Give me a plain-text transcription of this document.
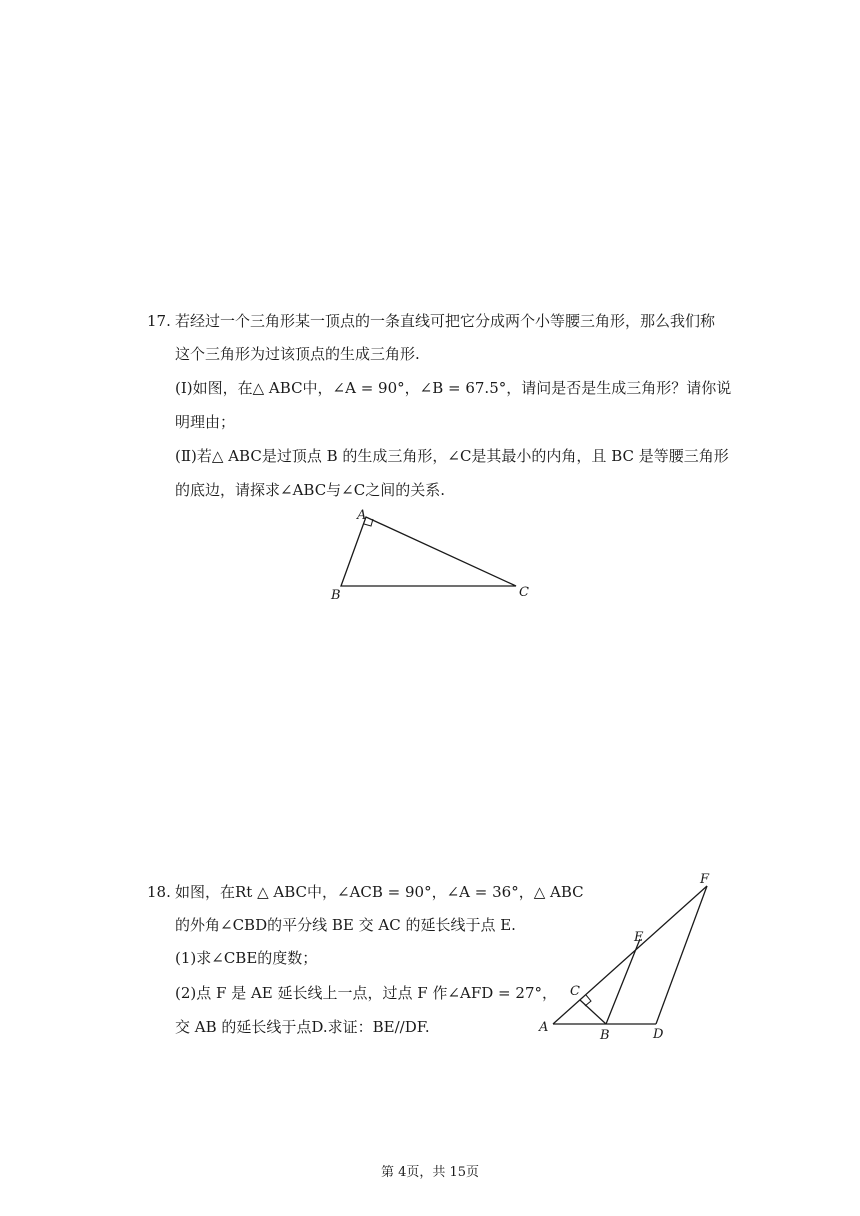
17. 若经过一个三角形某一顶点的一条直线可把它分成两个小等腰三角形，那么我们称
这个三角形为过该顶点的生成三角形.
(Ⅰ)如图，在△ ABC中，∠A = 90°，∠B = 67.5°，请问是否是生成三角形？请你说
明理由；
(Ⅱ)若△ ABC是过顶点 B 的生成三角形，∠C是其最小的内角，且 BC 是等腰三角形
的底边，请探求∠ABC与∠C之间的关系.
A
B	C
18. 如图，在Rt △ ABC中，∠ACB = 90°，∠A = 36°，△ ABC
的外角∠CBD的平分线 BE 交 AC 的延长线于点 E.
(1)求∠CBE的度数；
(2)点 F 是 AE 延长线上一点，过点 F 作∠AFD = 27°，
交 AB 的延长线于点D.求证：BE//DF.	A
B
C
D
E
F
第 4页，共 15页
